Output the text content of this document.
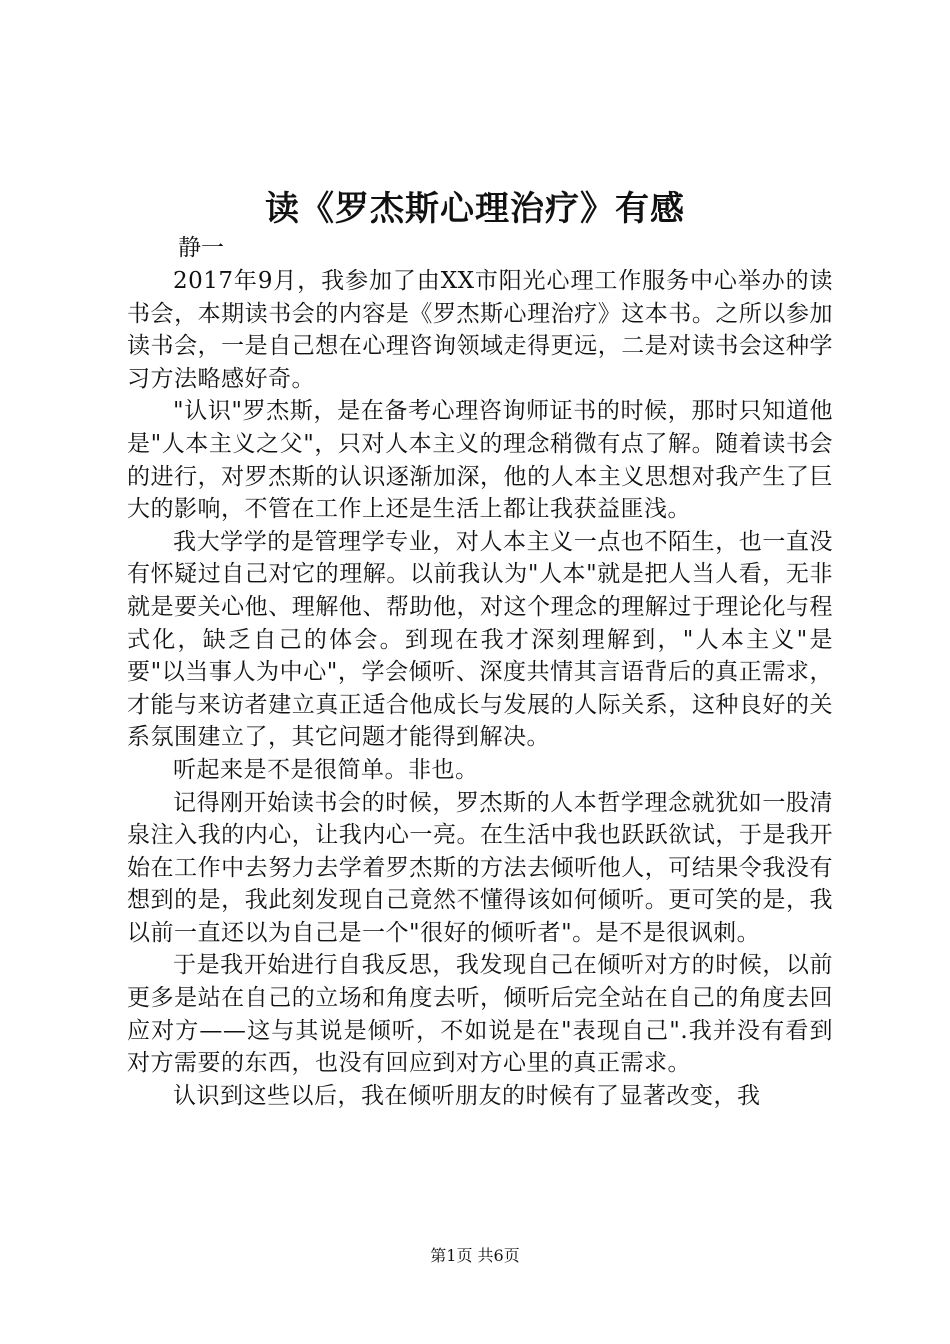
读《罗杰斯心理治疗》有感

静一

2017年9月，我参加了由XX市阳光心理工作服务中心举办的读书会，本期读书会的内容是《罗杰斯心理治疗》这本书。之所以参加读书会，一是自己想在心理咨询领域走得更远，二是对读书会这种学习方法略感好奇。

"认识"罗杰斯，是在备考心理咨询师证书的时候，那时只知道他是"人本主义之父"，只对人本主义的理念稍微有点了解。随着读书会的进行，对罗杰斯的认识逐渐加深，他的人本主义思想对我产生了巨大的影响，不管在工作上还是生活上都让我获益匪浅。

我大学学的是管理学专业，对人本主义一点也不陌生，也一直没有怀疑过自己对它的理解。以前我认为"人本"就是把人当人看，无非就是要关心他、理解他、帮助他，对这个理念的理解过于理论化与程式化，缺乏自己的体会。到现在我才深刻理解到，"人本主义"是要"以当事人为中心"，学会倾听、深度共情其言语背后的真正需求，才能与来访者建立真正适合他成长与发展的人际关系，这种良好的关系氛围建立了，其它问题才能得到解决。

听起来是不是很简单。非也。

记得刚开始读书会的时候，罗杰斯的人本哲学理念就犹如一股清泉注入我的内心，让我内心一亮。在生活中我也跃跃欲试，于是我开始在工作中去努力去学着罗杰斯的方法去倾听他人，可结果令我没有想到的是，我此刻发现自己竟然不懂得该如何倾听。更可笑的是，我以前一直还以为自己是一个"很好的倾听者"。是不是很讽刺。

于是我开始进行自我反思，我发现自己在倾听对方的时候，以前更多是站在自己的立场和角度去听，倾听后完全站在自己的角度去回应对方——这与其说是倾听，不如说是在"表现自己".我并没有看到对方需要的东西，也没有回应到对方心里的真正需求。

认识到这些以后，我在倾听朋友的时候有了显著改变，我

第1页 共6页
